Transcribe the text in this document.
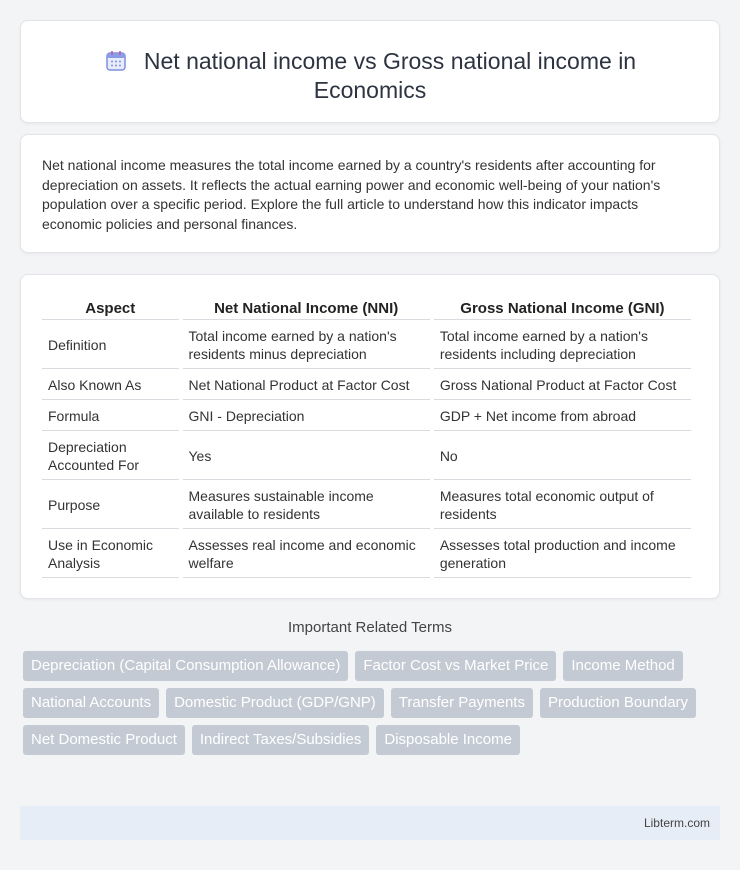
Net national income vs Gross national income in Economics

Net national income measures the total income earned by a country's residents after accounting for depreciation on assets. It reflects the actual earning power and economic well-being of your nation's population over a specific period. Explore the full article to understand how this indicator impacts economic policies and personal finances.

Aspect	Net National Income (NNI)	Gross National Income (GNI)
Definition	Total income earned by a nation's residents minus depreciation	Total income earned by a nation's residents including depreciation
Also Known As	Net National Product at Factor Cost	Gross National Product at Factor Cost
Formula	GNI - Depreciation	GDP + Net income from abroad
Depreciation Accounted For	Yes	No
Purpose	Measures sustainable income available to residents	Measures total economic output of residents
Use in Economic Analysis	Assesses real income and economic welfare	Assesses total production and income generation
Important Related Terms
Depreciation (Capital Consumption Allowance)	Factor Cost vs Market Price	Income Method
National Accounts	Domestic Product (GDP/GNP)	Transfer Payments	Production Boundary
Net Domestic Product	Indirect Taxes/Subsidies	Disposable Income
Libterm.com
